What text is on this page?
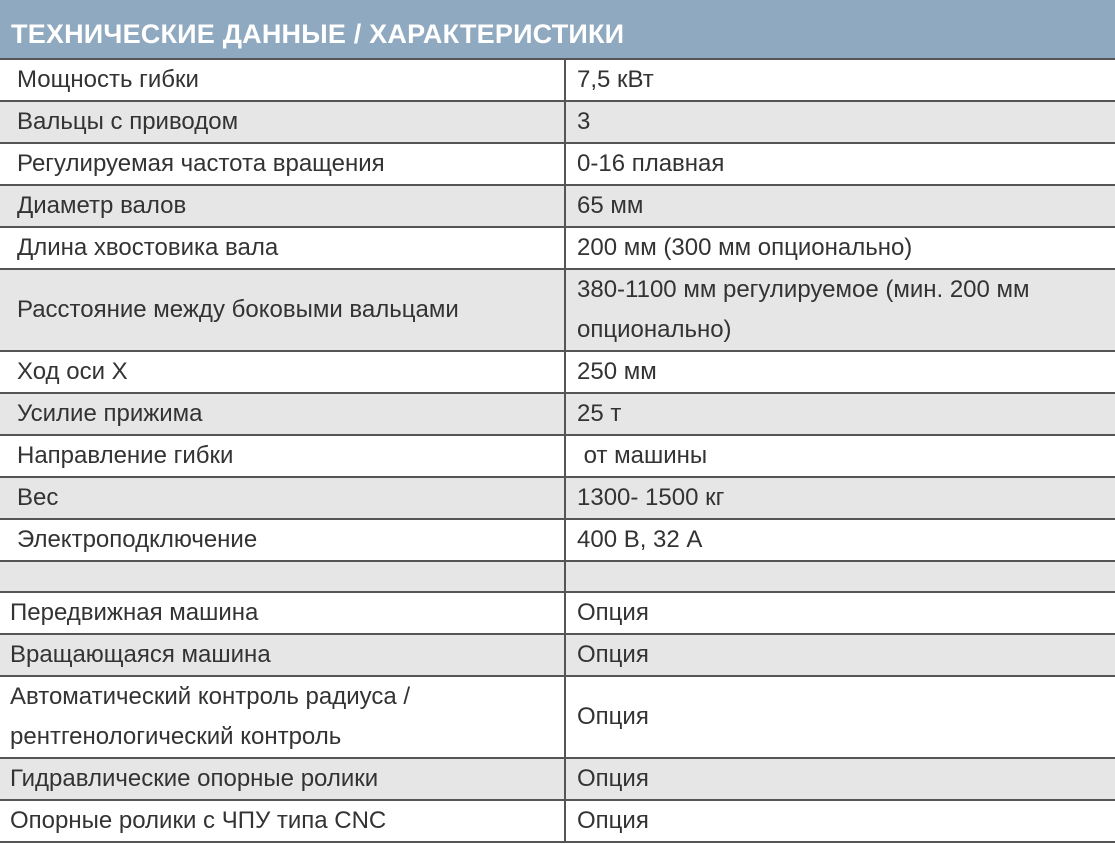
ТЕХНИЧЕСКИЕ ДАННЫЕ / ХАРАКТЕРИСТИКИ
Мощность гибки	7,5 кВт
Вальцы с приводом	3
Регулируемая частота вращения	0-16 плавная
Диаметр валов	65 мм
Длина хвостовика вала	200 мм (300 мм опционально)
Расстояние между боковыми вальцами	380-1100 мм регулируемое (мин. 200 мм опционально)
Ход оси X	250 мм
Усилие прижима	25 т
Направление гибки	от машины
Вес	1300- 1500 кг
Электроподключение	400 В, 32 А

Передвижная машина	Опция
Вращающаяся машина	Опция
Автоматический контроль радиуса / рентгенологический контроль	Опция
Гидравлические опорные ролики	Опция
Опорные ролики с ЧПУ типа CNC	Опция
